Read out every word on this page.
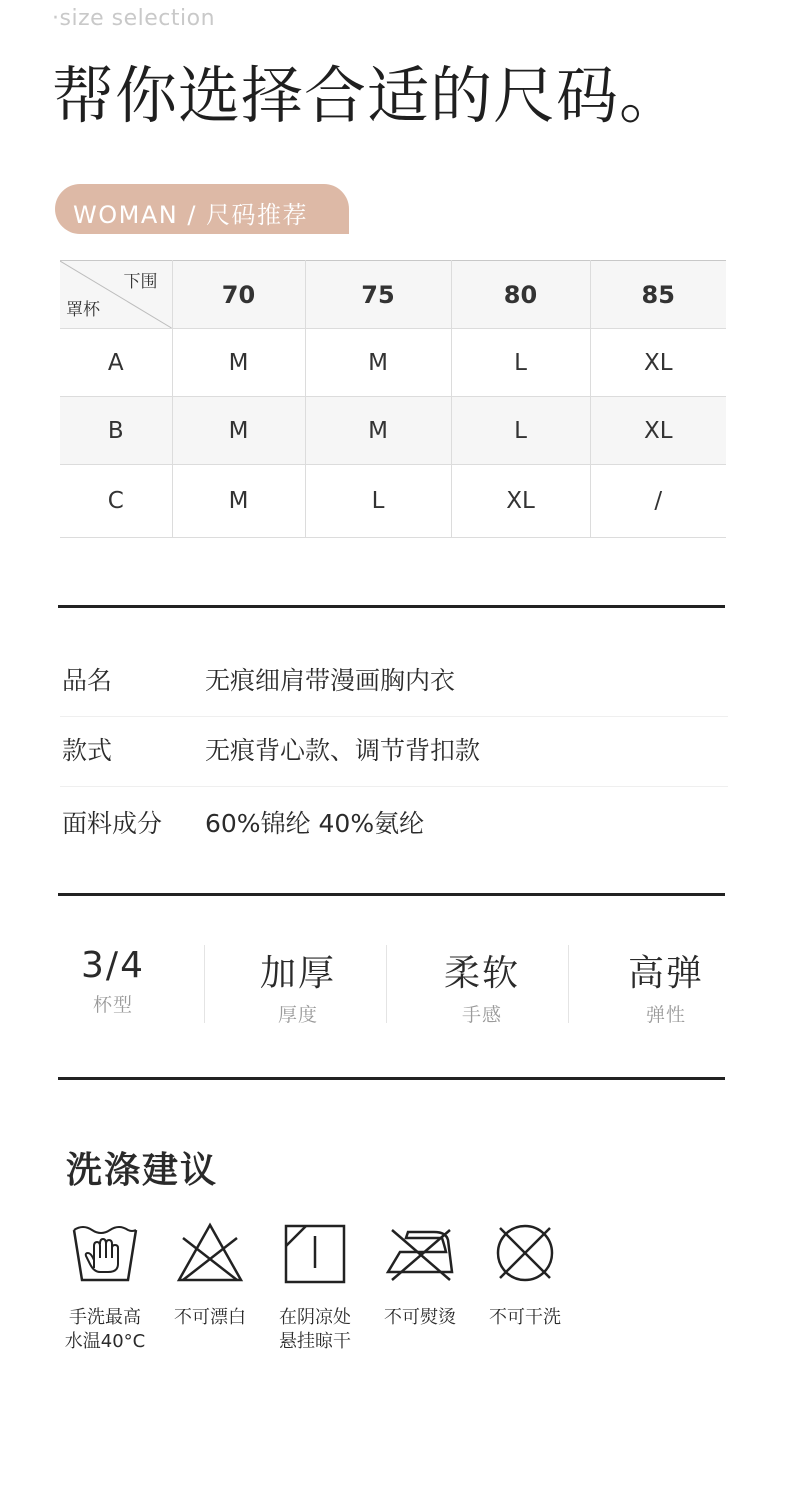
·size selection
帮你选择合适的尺码。
WOMAN / 尺码推荐
下围
罩杯	70	75	80	85
A	M	M	L	XL
B	M	M	L	XL
C	M	L	XL	/
品名	无痕细肩带漫画胸内衣
款式	无痕背心款、调节背扣款
面料成分 60%锦纶 40%氨纶
3/4
杯型
加厚
厚度
柔软
手感
高弹
弹性
洗涤建议
手洗最高
水温40°C
不可漂白	在阴凉处
悬挂晾干
不可熨烫	不可干洗
